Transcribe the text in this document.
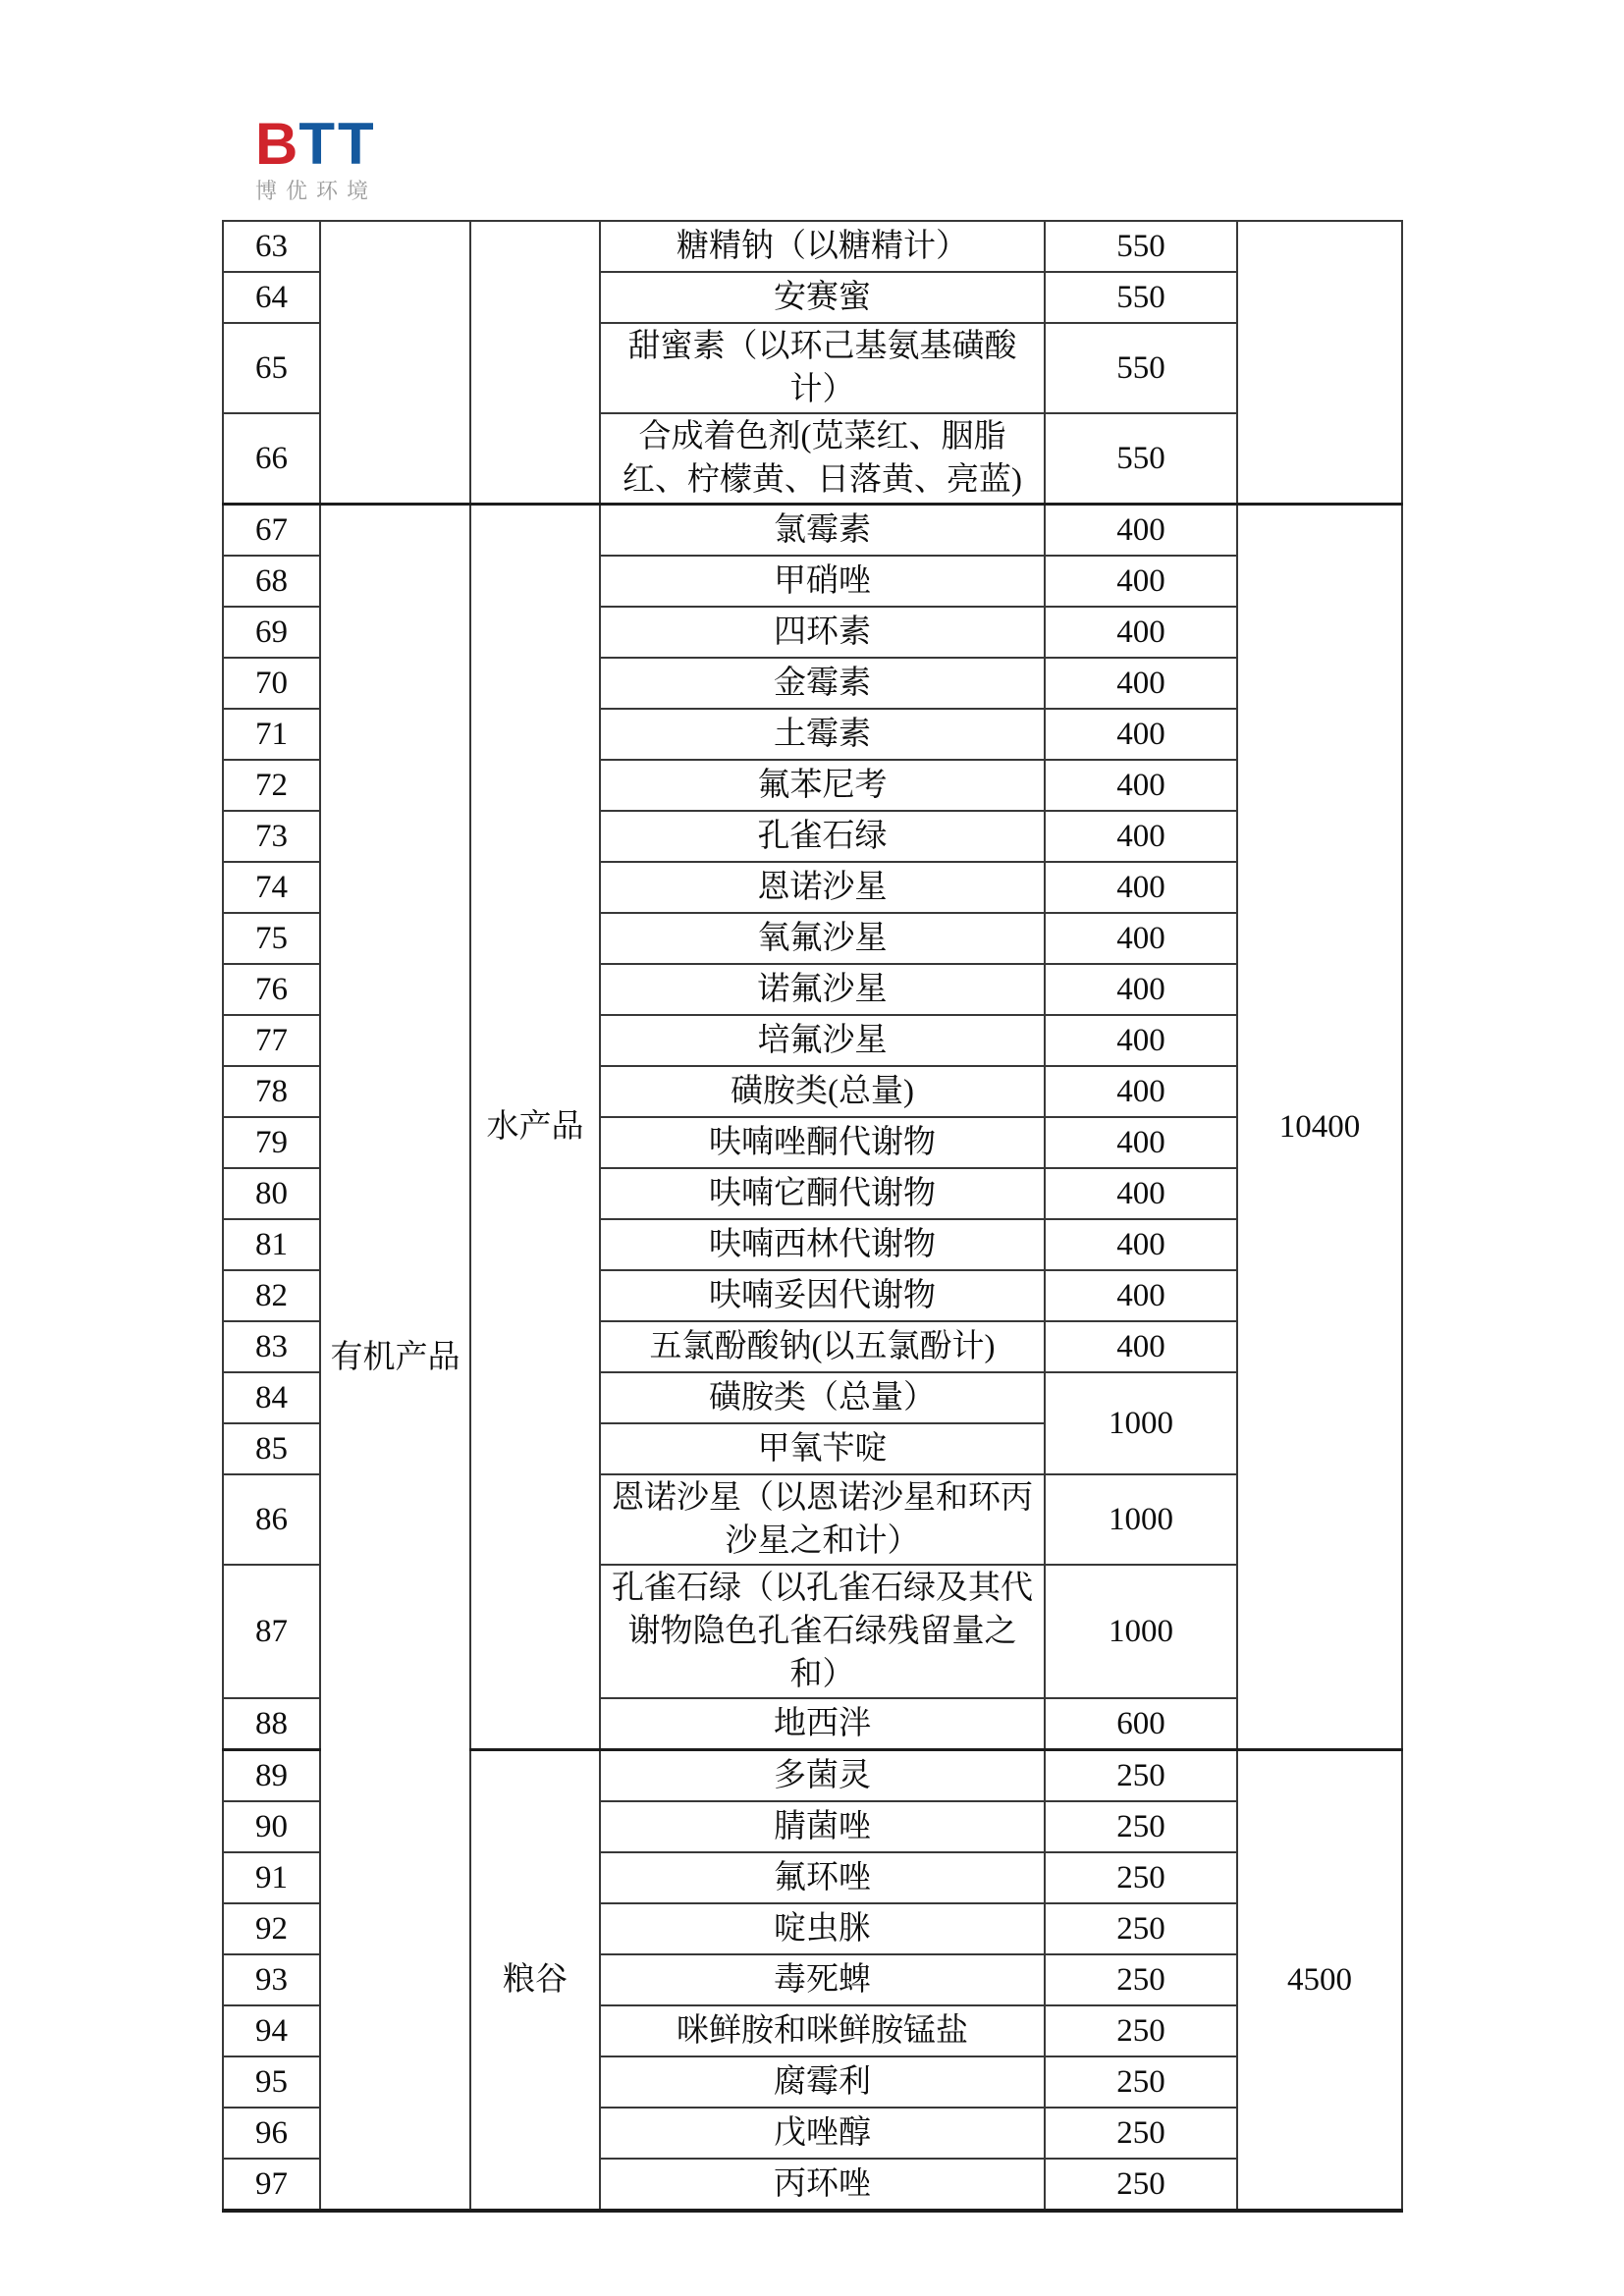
BTT
博优环境
63			糖精钠（以糖精计）	550	
64			安赛蜜	550	
65			甜蜜素（以环己基氨基磺酸计）	550	
66			合成着色剂(苋菜红、胭脂红、柠檬黄、日落黄、亮蓝)	550	
67	有机产品	水产品	氯霉素	400	10400
68			甲硝唑	400	
69			四环素	400	
70			金霉素	400	
71			土霉素	400	
72			氟苯尼考	400	
73			孔雀石绿	400	
74			恩诺沙星	400	
75			氧氟沙星	400	
76			诺氟沙星	400	
77			培氟沙星	400	
78			磺胺类(总量)	400	
79			呋喃唑酮代谢物	400	
80			呋喃它酮代谢物	400	
81			呋喃西林代谢物	400	
82			呋喃妥因代谢物	400	
83			五氯酚酸钠(以五氯酚计)	400	
84			磺胺类（总量）	1000	
85			甲氧苄啶		
86			恩诺沙星（以恩诺沙星和环丙沙星之和计）	1000	
87			孔雀石绿（以孔雀石绿及其代谢物隐色孔雀石绿残留量之和）	1000	
88			地西泮	600	
89		粮谷	多菌灵	250	4500
90			腈菌唑	250	
91			氟环唑	250	
92			啶虫脒	250	
93			毒死蜱	250	
94			咪鲜胺和咪鲜胺锰盐	250	
95			腐霉利	250	
96			戊唑醇	250	
97			丙环唑	250	
